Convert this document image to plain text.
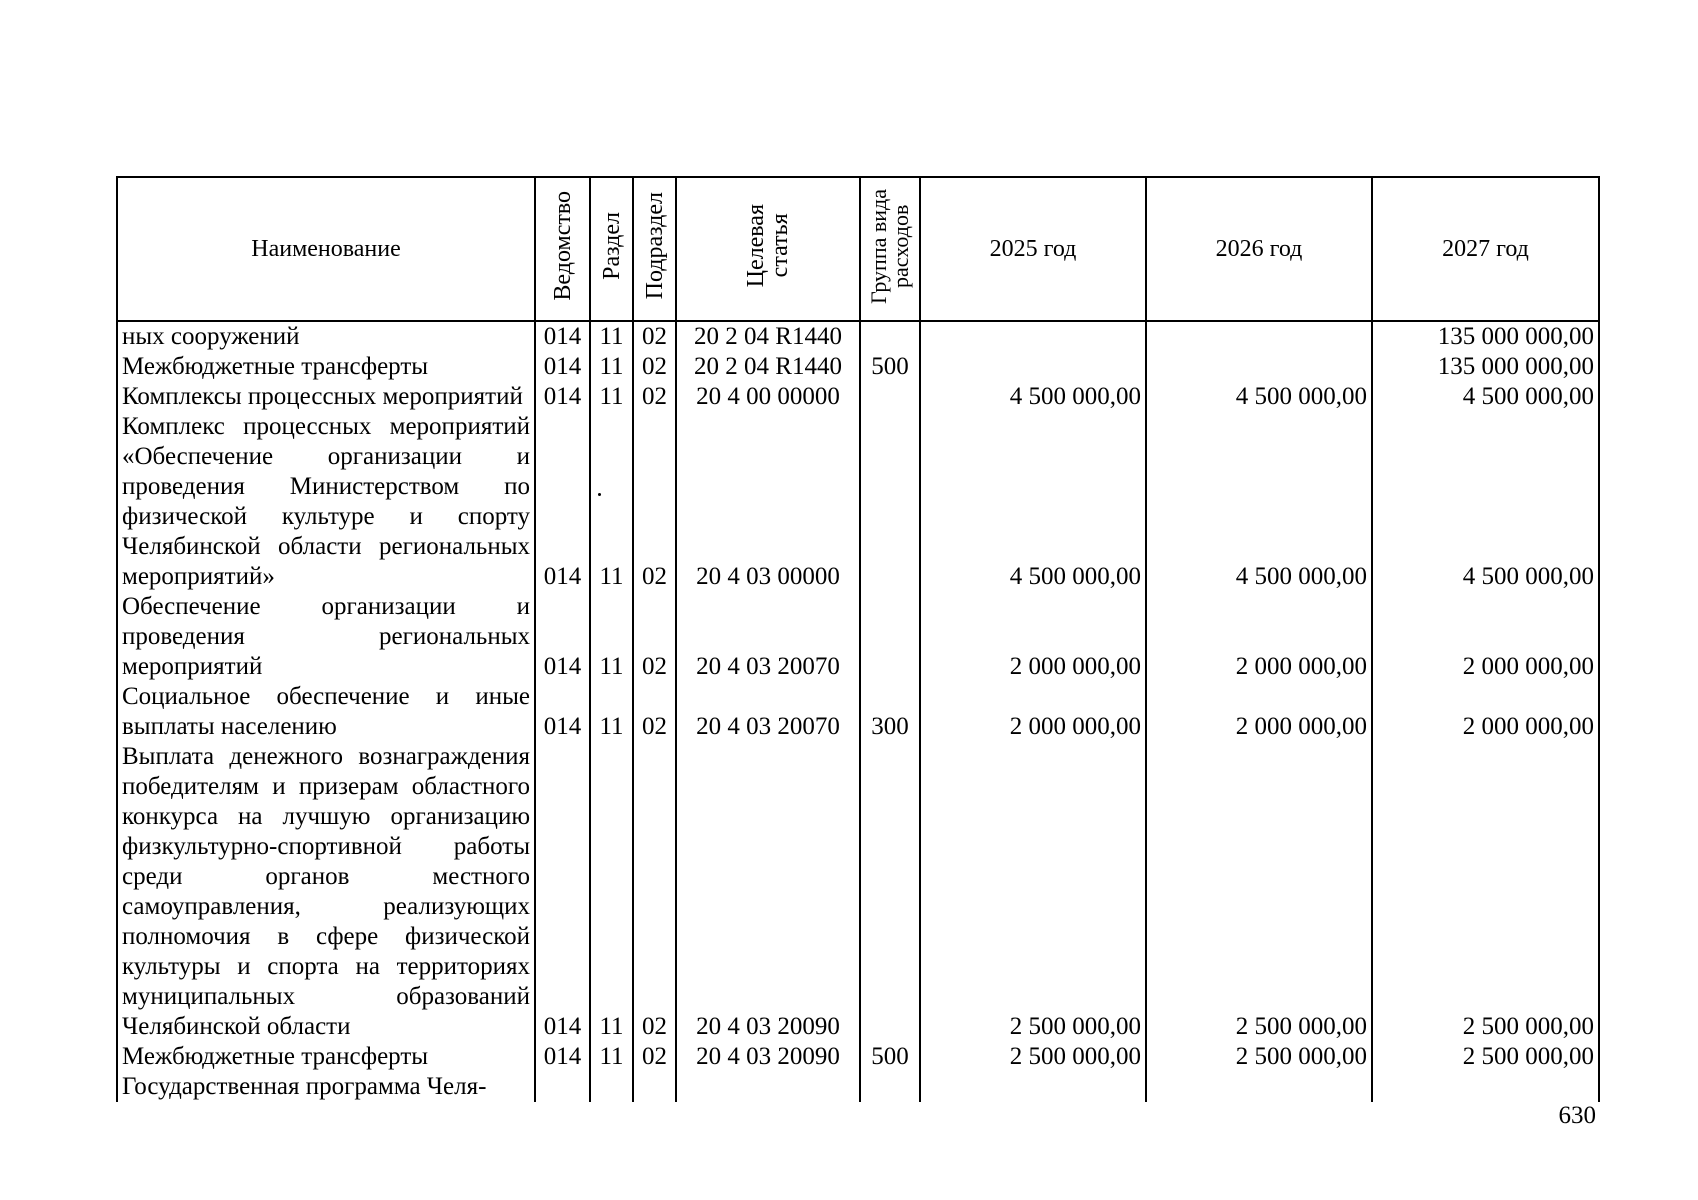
Наименование	Ведомство	Раздел	Подраздел	Целевая
статья	Группа вида
расходов	2025 год	2026 год	2027 год
ных сооружений	014	11	02	20 2 04 R1440				135 000 000,00
Межбюджетные трансферты	014	11	02	20 2 04 R1440	500			135 000 000,00
Комплексы процессных мероприятий	014	11	02	20 4 00 00000		4 500 000,00	4 500 000,00	4 500 000,00
Комплекс процессных мероприятий «Обеспечение организации и проведения Министерством по физической культуре и спорту Челябинской области региональных мероприятий»	014	11	02	20 4 03 00000		4 500 000,00	4 500 000,00	4 500 000,00
Обеспечение организации и проведения региональных мероприятий	014	11	02	20 4 03 20070		2 000 000,00	2 000 000,00	2 000 000,00
Социальное обеспечение и иные выплаты населению	014	11	02	20 4 03 20070	300	2 000 000,00	2 000 000,00	2 000 000,00
Выплата денежного вознаграждения победителям и призерам областного конкурса на лучшую организацию физкультурно-спортивной работы среди органов местного самоуправления, реализующих полномочия в сфере физической культуры и спорта на территориях муниципальных образований Челябинской области	014	11	02	20 4 03 20090		2 500 000,00	2 500 000,00	2 500 000,00
Межбюджетные трансферты	014	11	02	20 4 03 20090	500	2 500 000,00	2 500 000,00	2 500 000,00
Государственная программа Челя-								
630
